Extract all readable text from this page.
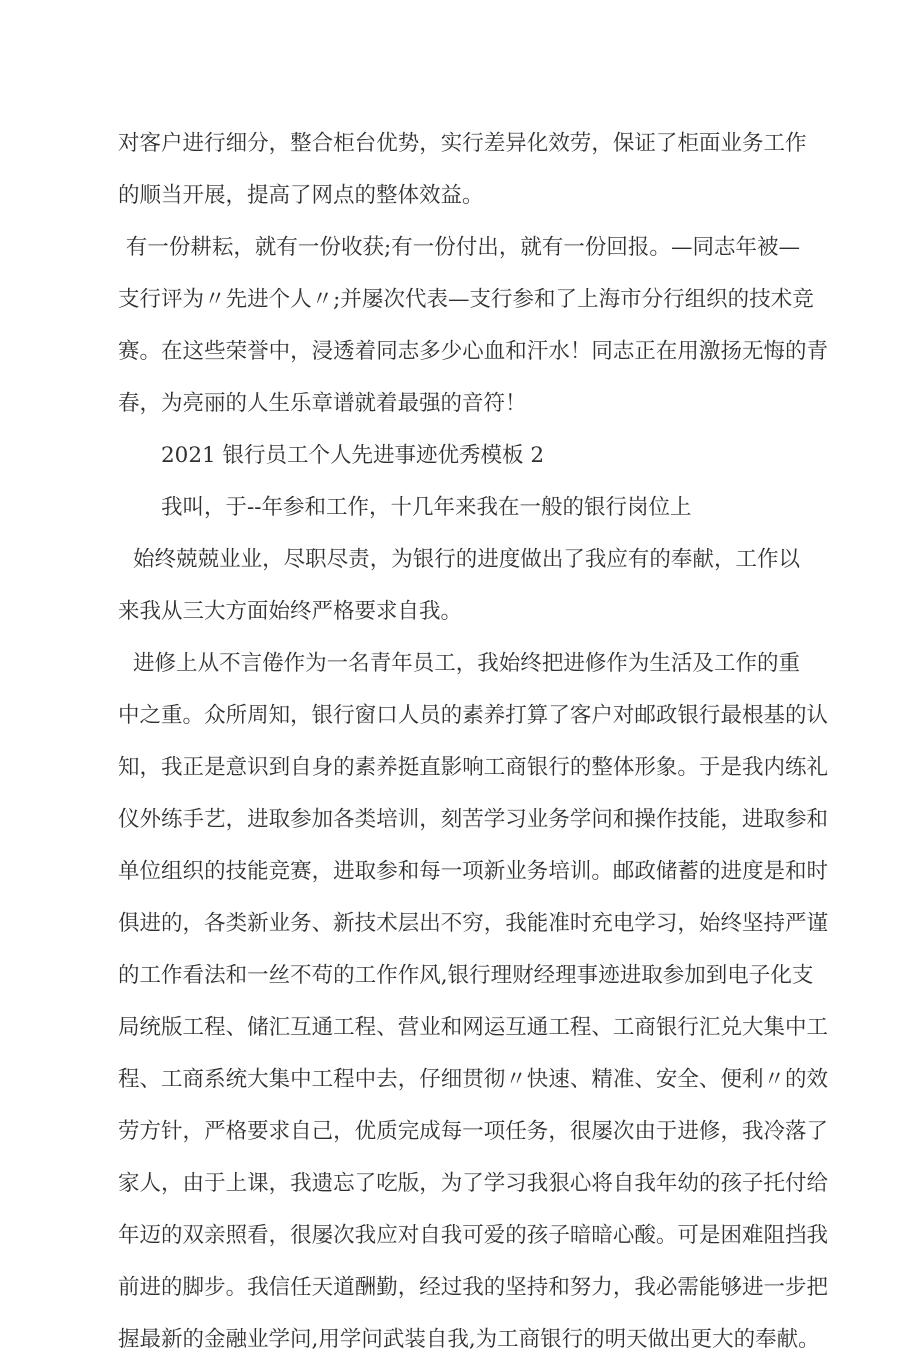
对 客 户 进 行 细 分 ， 整 合 柜 台 优 势 ， 实 行 差 异 化 效 劳 ， 保 证 了 柜 面 业 务 工 作
的顺当开展，提高了网点的整体效益。
有 一 份 耕 耘 ， 就 有 一 份 收 获 ; 有 一 份 付 出 ， 就 有 一 份 回 报 。 — 同 志 年 被 —
支 行 评 为 〃 先 进 个 人 〃 ; 并 屡 次 代 表 — 支 行 参 和 了 上 海 市 分 行 组 织 的 技 术 竞
赛 。 在 这 些 荣 誉 中 ， 浸 透 着 同 志 多 少 心 血 和 汗 水 ！ 同 志 正 在 用 激 扬 无 悔 的 青
春，为亮丽的人生乐章谱就着最强的音符！
2021 银行员工个人先进事迹优秀模板 2
我叫，于--年参和工作，十几年来我在一般的银行岗位上
始 终 兢 兢 业 业 ， 尽 职 尽 责 ， 为 银 行 的 进 度 做 出 了 我 应 有 的 奉 献 ， 工 作 以
来我从三大方面始终严格要求自我。
进 修 上 从 不 言 倦 作 为 一 名 青 年 员 工 ， 我 始 终 把 进 修 作 为 生 活 及 工 作 的 重
中 之 重 。 众 所 周 知 ， 银 行 窗 口 人 员 的 素 养 打 算 了 客 户 对 邮 政 银 行 最 根 基 的 认
知 ， 我 正 是 意 识 到 自 身 的 素 养 挺 直 影 响 工 商 银 行 的 整 体 形 象 。 于 是 我 内 练 礼
仪 外 练 手 艺 ， 进 取 参 加 各 类 培 训 ， 刻 苦 学 习 业 务 学 问 和 操 作 技 能 ， 进 取 参 和
单 位 组 织 的 技 能 竞 赛 ， 进 取 参 和 每 一 项 新 业 务 培 训 。 邮 政 储 蓄 的 进 度 是 和 时
俱 进 的 ， 各 类 新 业 务 、 新 技 术 层 出 不 穷 ， 我 能 准 时 充 电 学 习 ， 始 终 坚 持 严 谨
的 工 作 看 法 和 一 丝 不 苟 的 工 作 作 风 , 银 行 理 财 经 理 事 迹 进 取 参 加 到 电 子 化 支
局 统 版 工 程 、 储 汇 互 通 工 程 、 营 业 和 网 运 互 通 工 程 、 工 商 银 行 汇 兑 大 集 中 工
程 、 工 商 系 统 大 集 中 工 程 中 去 ， 仔 细 贯 彻 〃 快 速 、 精 准 、 安 全 、 便 利 〃 的 效
劳 方 针 ， 严 格 要 求 自 己 ， 优 质 完 成 每 一 项 任 务 ， 很 屡 次 由 于 进 修 ， 我 冷 落 了
家 人 ， 由 于 上 课 ， 我 遗 忘 了 吃 版 ， 为 了 学 习 我 狠 心 将 自 我 年 幼 的 孩 子 托 付 给
年 迈 的 双 亲 照 看 ， 很 屡 次 我 应 对 自 我 可 爱 的 孩 子 暗 暗 心 酸 。 可 是 困 难 阻 挡 我
前 进 的 脚 步 。 我 信 任 天 道 酬 勤 ， 经 过 我 的 坚 持 和 努 力 ， 我 必 需 能 够 进 一 步 把
握最新的金融业学问,用学问武装自我,为工商银行的明天做出更大的奉献。
